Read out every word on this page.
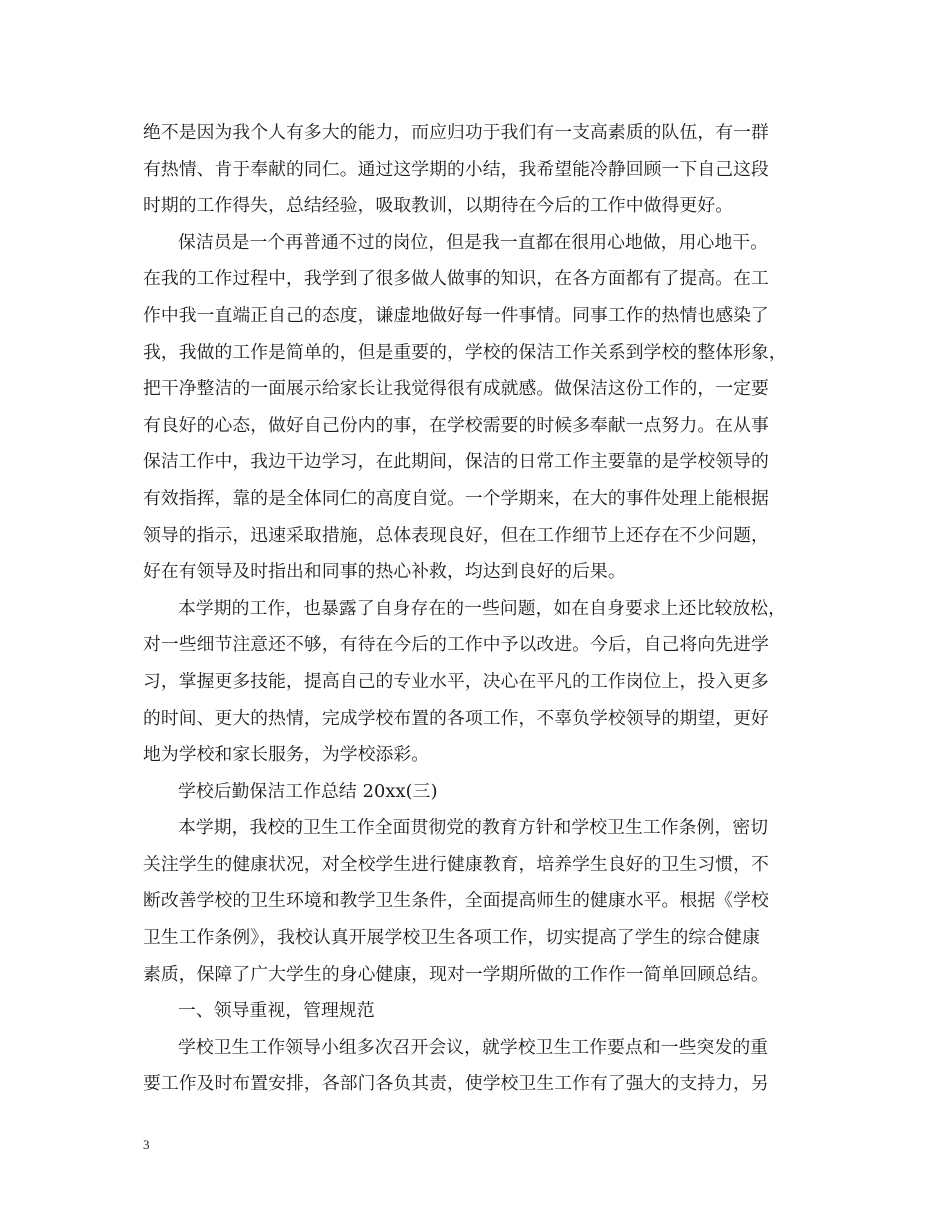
绝不是因为我个人有多大的能力，而应归功于我们有一支高素质的队伍，有一群
有热情、肯于奉献的同仁。通过这学期的小结，我希望能冷静回顾一下自己这段
时期的工作得失，总结经验，吸取教训，以期待在今后的工作中做得更好。
保洁员是一个再普通不过的岗位，但是我一直都在很用心地做，用心地干。
在我的工作过程中，我学到了很多做人做事的知识，在各方面都有了提高。在工
作中我一直端正自己的态度，谦虚地做好每一件事情。同事工作的热情也感染了
我，我做的工作是简单的，但是重要的，学校的保洁工作关系到学校的整体形象，
把干净整洁的一面展示给家长让我觉得很有成就感。做保洁这份工作的，一定要
有良好的心态，做好自己份内的事，在学校需要的时候多奉献一点努力。在从事
保洁工作中，我边干边学习，在此期间，保洁的日常工作主要靠的是学校领导的
有效指挥，靠的是全体同仁的高度自觉。一个学期来，在大的事件处理上能根据
领导的指示，迅速采取措施，总体表现良好，但在工作细节上还存在不少问题，
好在有领导及时指出和同事的热心补救，均达到良好的后果。
本学期的工作，也暴露了自身存在的一些问题，如在自身要求上还比较放松，
对一些细节注意还不够，有待在今后的工作中予以改进。今后，自己将向先进学
习，掌握更多技能，提高自己的专业水平，决心在平凡的工作岗位上，投入更多
的时间、更大的热情，完成学校布置的各项工作，不辜负学校领导的期望，更好
地为学校和家长服务，为学校添彩。
学校后勤保洁工作总结 20xx(三)
本学期，我校的卫生工作全面贯彻党的教育方针和学校卫生工作条例，密切
关注学生的健康状况，对全校学生进行健康教育，培养学生良好的卫生习惯，不
断改善学校的卫生环境和教学卫生条件，全面提高师生的健康水平。根据《学校
卫生工作条例》，我校认真开展学校卫生各项工作，切实提高了学生的综合健康
素质，保障了广大学生的身心健康，现对一学期所做的工作作一简单回顾总结。
一、领导重视，管理规范
学校卫生工作领导小组多次召开会议，就学校卫生工作要点和一些突发的重
要工作及时布置安排，各部门各负其责，使学校卫生工作有了强大的支持力，另
3
